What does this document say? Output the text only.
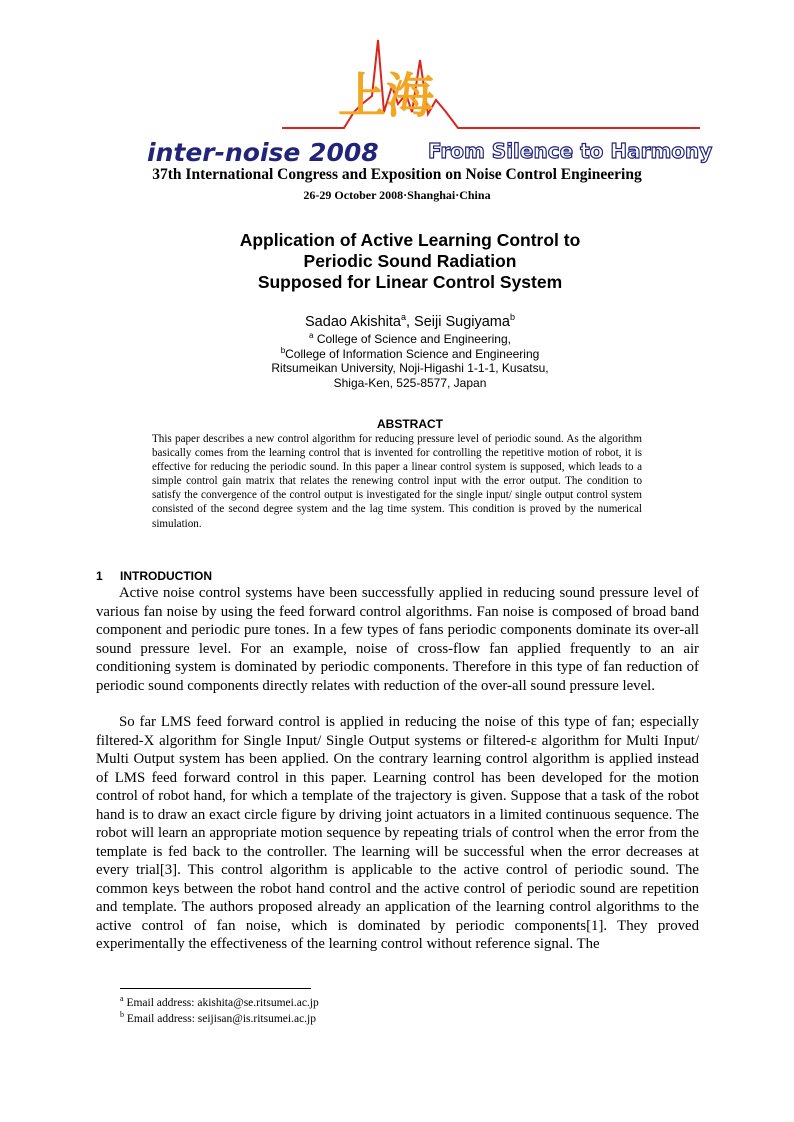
上海
inter-noise 2008 From Silence to Harmony
37th International Congress and Exposition on Noise Control Engineering
26-29 October 2008·Shanghai·China
Application of Active Learning Control to
Periodic Sound Radiation
Supposed for Linear Control System
Sadao Akishita$^a$, Seiji Sugiyama$^b$
$^a$ College of Science and Engineering,
$^b$College of Information Science and Engineering
Ritsumeikan University, Noji-Higashi 1-1-1, Kusatsu,
Shiga-Ken, 525-8577, Japan
ABSTRACT

This paper describes a new control algorithm for reducing pressure level of periodic sound. As the algorithm basically comes from the learning control that is invented for controlling the repetitive motion of robot, it is effective for reducing the periodic sound. In this paper a linear control system is supposed, which leads to a simple control gain matrix that relates the renewing control input with the error output. The condition to satisfy the convergence of the control output is investigated for the single input/ single output control system consisted of the second degree system and the lag time system. This condition is proved by the numerical simulation.

1 INTRODUCTION

Active noise control systems have been successfully applied in reducing sound pressure level of various fan noise by using the feed forward control algorithms. Fan noise is composed of broad band component and periodic pure tones. In a few types of fans periodic components dominate its over-all sound pressure level. For an example, noise of cross-flow fan applied frequently to an air conditioning system is dominated by periodic components. Therefore in this type of fan reduction of periodic sound components directly relates with reduction of the over-all sound pressure level.

So far LMS feed forward control is applied in reducing the noise of this type of fan; especially filtered-X algorithm for Single Input/ Single Output systems or filtered-ε algorithm for Multi Input/ Multi Output system has been applied. On the contrary learning control algorithm is applied instead of LMS feed forward control in this paper. Learning control has been developed for the motion control of robot hand, for which a template of the trajectory is given. Suppose that a task of the robot hand is to draw an exact circle figure by driving joint actuators in a limited continuous sequence. The robot will learn an appropriate motion sequence by repeating trials of control when the error from the template is fed back to the controller. The learning will be successful when the error decreases at every trial[3]. This control algorithm is applicable to the active control of periodic sound. The common keys between the robot hand control and the active control of periodic sound are repetition and template. The authors proposed already an application of the learning control algorithms to the active control of fan noise, which is dominated by periodic components[1]. They proved experimentally the effectiveness of the learning control without reference signal. The

$^a$ Email address: akishita@se.ritsumei.ac.jp
$^b$ Email address: seijisan@is.ritsumei.ac.jp
